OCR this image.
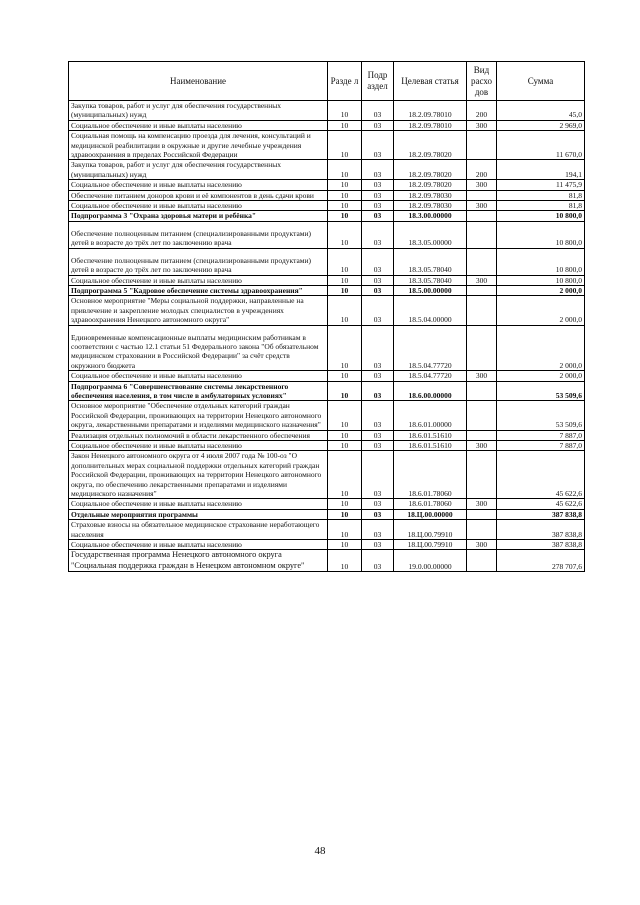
Наименование	Разде л	Подр аздел	Целевая статья	Вид расхо дов	Сумма
Закупка товаров, работ и услуг для обеспечения государственных (муниципальных) нужд	10	03	18.2.09.78010	200	45,0
Социальное обеспечение и иные выплаты населению	10	03	18.2.09.78010	300	2 969,0
Социальная помощь на компенсацию проезда для лечения, консультаций и медицинской реабилитации в окружные и другие лечебные учреждения здравоохранения в пределах Российской Федерации	10	03	18.2.09.78020		11 670,0
Закупка товаров, работ и услуг для обеспечения государственных (муниципальных) нужд	10	03	18.2.09.78020	200	194,1
Социальное обеспечение и иные выплаты населению	10	03	18.2.09.78020	300	11 475,9
Обеспечение питанием доноров крови и её компонентов в день сдачи крови	10	03	18.2.09.78030		81,8
Социальное обеспечение и иные выплаты населению	10	03	18.2.09.78030	300	81,8
Подпрограмма 3 "Охрана здоровья матери и ребёнка"	10	03	18.3.00.00000		10 800,0
Обеспечение полноценным питанием (специализированными продуктами) детей в возрасте до трёх лет по заключению врача	10	03	18.3.05.00000		10 800,0
Обеспечение полноценным питанием (специализированными продуктами) детей в возрасте до трёх лет по заключению врача	10	03	18.3.05.78040		10 800,0
Социальное обеспечение и иные выплаты населению	10	03	18.3.05.78040	300	10 800,0
Подпрограмма 5 "Кадровое обеспечение системы здравоохранения"	10	03	18.5.00.00000		2 000,0
Основное мероприятие "Меры социальной поддержки, направленные на привлечение и закрепление молодых специалистов в учреждениях здравоохранения Ненецкого автономного округа"	10	03	18.5.04.00000		2 000,0
Единовременные компенсационные выплаты медицинским работникам в соответствии с частью 12.1 статьи 51 Федерального закона "Об обязательном медицинском страховании в Российской Федерации" за счёт средств окружного бюджета	10	03	18.5.04.77720		2 000,0
Социальное обеспечение и иные выплаты населению	10	03	18.5.04.77720	300	2 000,0
Подпрограмма 6 "Совершенствование системы лекарственного обеспечения населения, в том числе в амбулаторных условиях"	10	03	18.6.00.00000		53 509,6
Основное мероприятие "Обеспечение отдельных категорий граждан Российской Федерации, проживающих на территории Ненецкого автономного округа, лекарственными препаратами и изделиями медицинского назначения"	10	03	18.6.01.00000		53 509,6
Реализация отдельных полномочий в области лекарственного обеспечения	10	03	18.6.01.51610		7 887,0
Социальное обеспечение и иные выплаты населению	10	03	18.6.01.51610	300	7 887,0
Закон Ненецкого автономного округа от 4 июля 2007 года № 100-оз "О дополнительных мерах социальной поддержки отдельных категорий граждан Российской Федерации, проживающих на территории Ненецкого автономного округа, по обеспечению лекарственными препаратами и изделиями медицинского назначения"	10	03	18.6.01.78060		45 622,6
Социальное обеспечение и иные выплаты населению	10	03	18.6.01.78060	300	45 622,6
Отдельные мероприятия программы	10	03	18.Ц.00.00000		387 838,8
Страховые взносы на обязательное медицинское страхование неработающего населения	10	03	18.Ц.00.79910		387 838,8
Социальное обеспечение и иные выплаты населению	10	03	18.Ц.00.79910	300	387 838,8
Государственная программа Ненецкого автономного округа "Социальная поддержка граждан в Ненецком автономном округе"	10	03	19.0.00.00000		278 707,6
48
